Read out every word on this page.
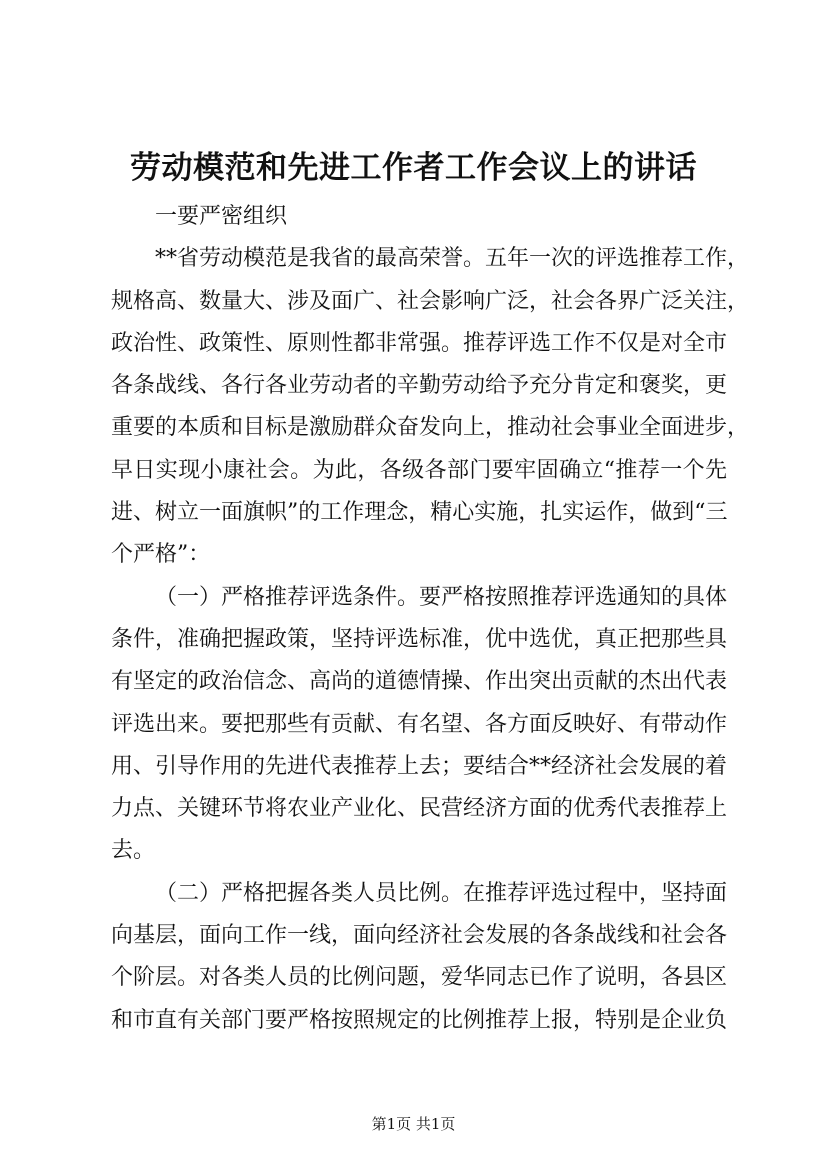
劳动模范和先进工作者工作会议上的讲话
一要严密组织
**省劳动模范是我省的最高荣誉。五年一次的评选推荐工作，
规格高、数量大、涉及面广、社会影响广泛，社会各界广泛关注，
政治性、政策性、原则性都非常强。推荐评选工作不仅是对全市
各条战线、各行各业劳动者的辛勤劳动给予充分肯定和褒奖，更
重要的本质和目标是激励群众奋发向上，推动社会事业全面进步，
早日实现小康社会。为此，各级各部门要牢固确立“推荐一个先
进、树立一面旗帜”的工作理念，精心实施，扎实运作，做到“三
个严格”：
（一）严格推荐评选条件。要严格按照推荐评选通知的具体
条件，准确把握政策，坚持评选标准，优中选优，真正把那些具
有坚定的政治信念、高尚的道德情操、作出突出贡献的杰出代表
评选出来。要把那些有贡献、有名望、各方面反映好、有带动作
用、引导作用的先进代表推荐上去；要结合**经济社会发展的着
力点、关键环节将农业产业化、民营经济方面的优秀代表推荐上
去。
（二）严格把握各类人员比例。在推荐评选过程中，坚持面
向基层，面向工作一线，面向经济社会发展的各条战线和社会各
个阶层。对各类人员的比例问题，爱华同志已作了说明，各县区
和市直有关部门要严格按照规定的比例推荐上报，特别是企业负
第1页 共1页
